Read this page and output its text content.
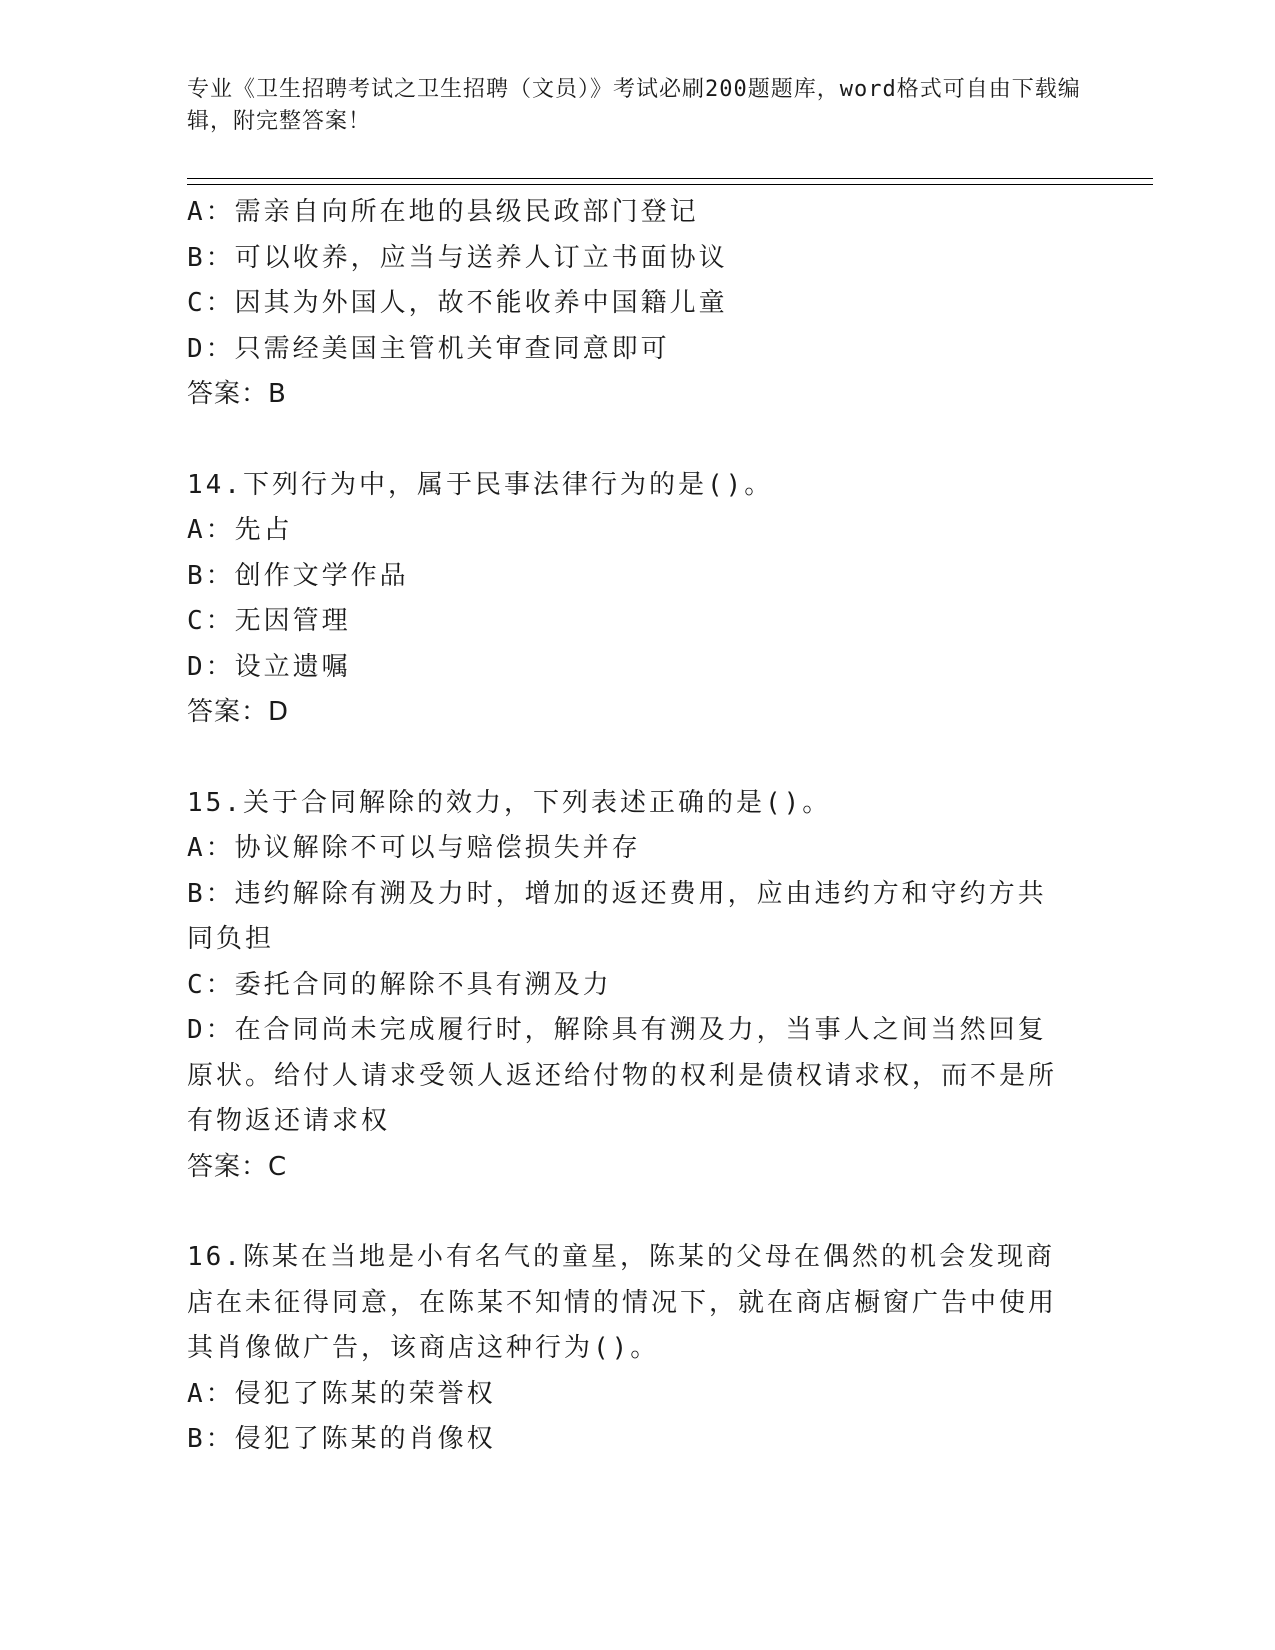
专业《卫生招聘考试之卫生招聘（文员）》考试必刷200题题库，word格式可自由下载编辑，附完整答案！
A：需亲自向所在地的县级民政部门登记
B：可以收养，应当与送养人订立书面协议
C：因其为外国人，故不能收养中国籍儿童
D：只需经美国主管机关审查同意即可
答案：B
14.下列行为中，属于民事法律行为的是()。
A：先占
B：创作文学作品
C：无因管理
D：设立遗嘱
答案：D
15.关于合同解除的效力，下列表述正确的是()。
A：协议解除不可以与赔偿损失并存
B：违约解除有溯及力时，增加的返还费用，应由违约方和守约方共同负担
C：委托合同的解除不具有溯及力
D：在合同尚未完成履行时，解除具有溯及力，当事人之间当然回复原状。给付人请求受领人返还给付物的权利是债权请求权，而不是所有物返还请求权
答案：C
16.陈某在当地是小有名气的童星，陈某的父母在偶然的机会发现商店在未征得同意，在陈某不知情的情况下，就在商店橱窗广告中使用其肖像做广告，该商店这种行为()。
A：侵犯了陈某的荣誉权
B：侵犯了陈某的肖像权
